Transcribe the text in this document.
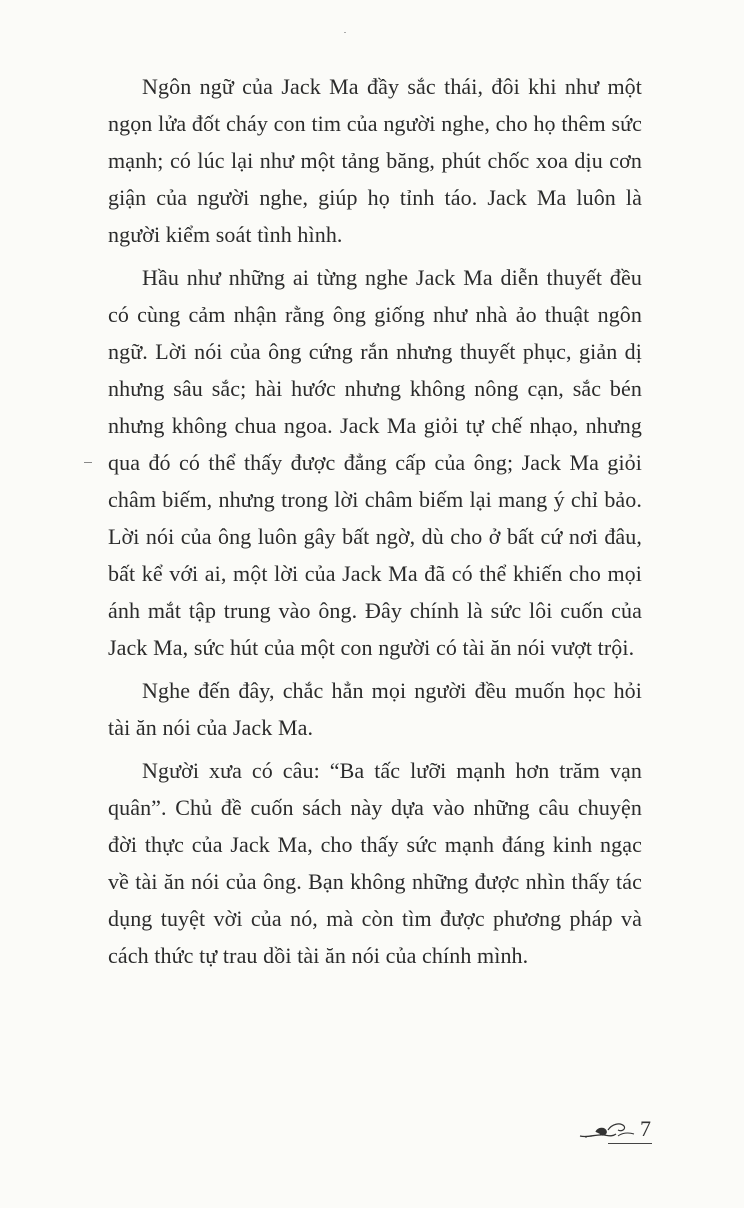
Ngôn ngữ của Jack Ma đầy sắc thái, đôi khi như một ngọn lửa đốt cháy con tim của người nghe, cho họ thêm sức mạnh; có lúc lại như một tảng băng, phút chốc xoa dịu cơn giận của người nghe, giúp họ tỉnh táo. Jack Ma luôn là người kiểm soát tình hình.

Hầu như những ai từng nghe Jack Ma diễn thuyết đều có cùng cảm nhận rằng ông giống như nhà ảo thuật ngôn ngữ. Lời nói của ông cứng rắn nhưng thuyết phục, giản dị nhưng sâu sắc; hài hước nhưng không nông cạn, sắc bén nhưng không chua ngoa. Jack Ma giỏi tự chế nhạo, nhưng qua đó có thể thấy được đẳng cấp của ông; Jack Ma giỏi châm biếm, nhưng trong lời châm biếm lại mang ý chỉ bảo. Lời nói của ông luôn gây bất ngờ, dù cho ở bất cứ nơi đâu, bất kể với ai, một lời của Jack Ma đã có thể khiến cho mọi ánh mắt tập trung vào ông. Đây chính là sức lôi cuốn của Jack Ma, sức hút của một con người có tài ăn nói vượt trội.

Nghe đến đây, chắc hẳn mọi người đều muốn học hỏi tài ăn nói của Jack Ma.

Người xưa có câu: “Ba tấc lưỡi mạnh hơn trăm vạn quân”. Chủ đề cuốn sách này dựa vào những câu chuyện đời thực của Jack Ma, cho thấy sức mạnh đáng kinh ngạc về tài ăn nói của ông. Bạn không những được nhìn thấy tác dụng tuyệt vời của nó, mà còn tìm được phương pháp và cách thức tự trau dồi tài ăn nói của chính mình.

7
